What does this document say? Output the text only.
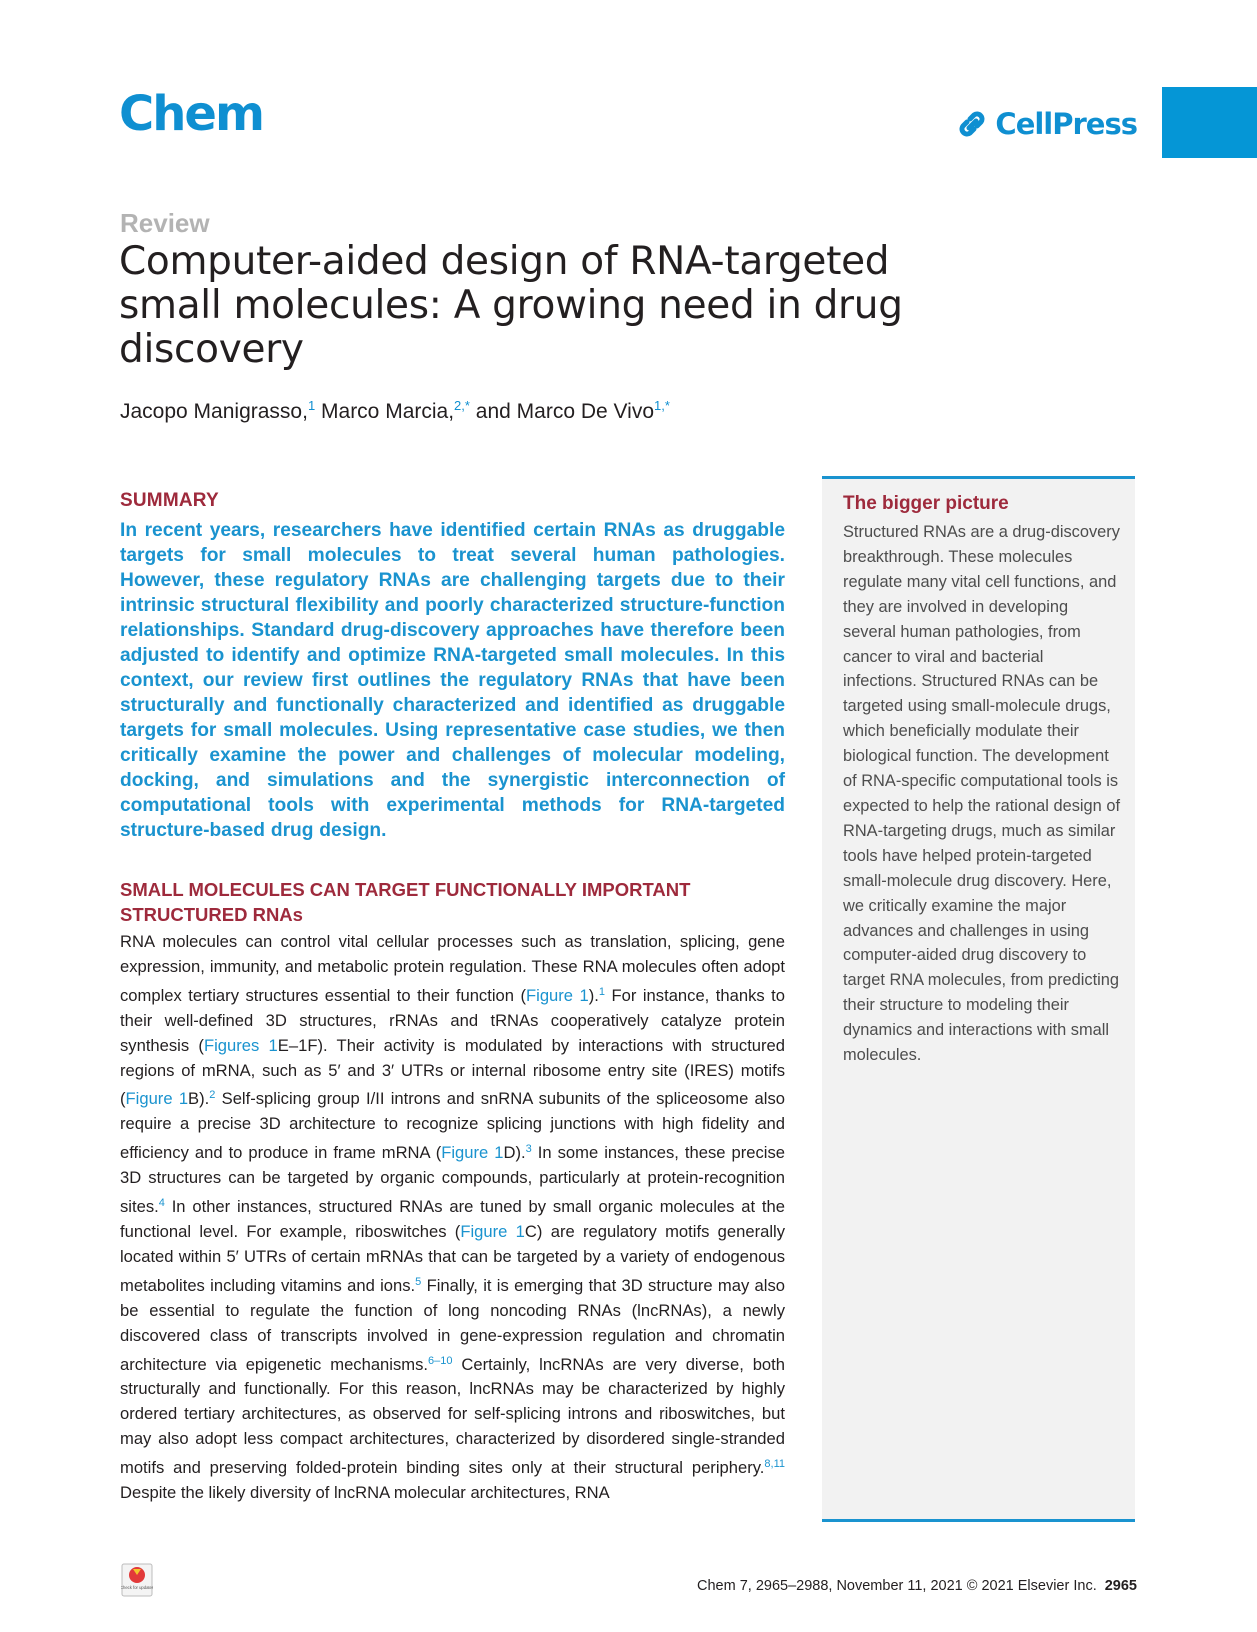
Chem	CellPress
Review
Computer-aided design of RNA-targeted small molecules: A growing need in drug discovery
Jacopo Manigrasso,$^1$ Marco Marcia,$^{2,*}$ and Marco De Vivo$^{1,*}$
SUMMARY

In recent years, researchers have identified certain RNAs as druggable targets for small molecules to treat several human pathologies. However, these regulatory RNAs are challenging targets due to their intrinsic structural flexibility and poorly characterized structure-function relationships. Standard drug-discovery approaches have therefore been adjusted to identify and optimize RNA-targeted small molecules. In this context, our review first outlines the regulatory RNAs that have been structurally and functionally characterized and identified as druggable targets for small molecules. Using representative case studies, we then critically examine the power and challenges of molecular modeling, docking, and simulations and the synergistic interconnection of computational tools with experimental methods for RNA-targeted structure-based drug design.

SMALL MOLECULES CAN TARGET FUNCTIONALLY IMPORTANT STRUCTURED RNAs

RNA molecules can control vital cellular processes such as translation, splicing, gene expression, immunity, and metabolic protein regulation. These RNA molecules often adopt complex tertiary structures essential to their function (Figure 1).$^1$ For instance, thanks to their well-defined 3D structures, rRNAs and tRNAs cooperatively catalyze protein synthesis (Figures 1E–1F). Their activity is modulated by interactions with structured regions of mRNA, such as 5′ and 3′ UTRs or internal ribosome entry site (IRES) motifs (Figure 1B).$^2$ Self-splicing group I/II introns and snRNA subunits of the spliceosome also require a precise 3D architecture to recognize splicing junctions with high fidelity and efficiency and to produce in frame mRNA (Figure 1D).$^3$ In some instances, these precise 3D structures can be targeted by organic compounds, particularly at protein-recognition sites.$^4$ In other instances, structured RNAs are tuned by small organic molecules at the functional level. For example, riboswitches (Figure 1C) are regulatory motifs generally located within 5′ UTRs of certain mRNAs that can be targeted by a variety of endogenous metabolites including vitamins and ions.$^5$ Finally, it is emerging that 3D structure may also be essential to regulate the function of long noncoding RNAs (lncRNAs), a newly discovered class of transcripts involved in gene-expression regulation and chromatin architecture via epigenetic mechanisms.$^{6-10}$ Certainly, lncRNAs are very diverse, both structurally and functionally. For this reason, lncRNAs may be characterized by highly ordered tertiary architectures, as observed for self-splicing introns and riboswitches, but may also adopt less compact architectures, characterized by disordered single-stranded motifs and preserving folded-protein binding sites only at their structural periphery.$^{8,11}$ Despite the likely diversity of lncRNA molecular architectures, RNA

The bigger picture

Structured RNAs are a drug-discovery breakthrough. These molecules regulate many vital cell functions, and they are involved in developing several human pathologies, from cancer to viral and bacterial infections. Structured RNAs can be targeted using small-molecule drugs, which beneficially modulate their biological function. The development of RNA-specific computational tools is expected to help the rational design of RNA-targeting drugs, much as similar tools have helped protein-targeted small-molecule drug discovery. Here, we critically examine the major advances and challenges in using computer-aided drug discovery to target RNA molecules, from predicting their structure to modeling their dynamics and interactions with small molecules.

Check for updates	Chem 7, 2965–2988, November 11, 2021 © 2021 Elsevier Inc. 2965
